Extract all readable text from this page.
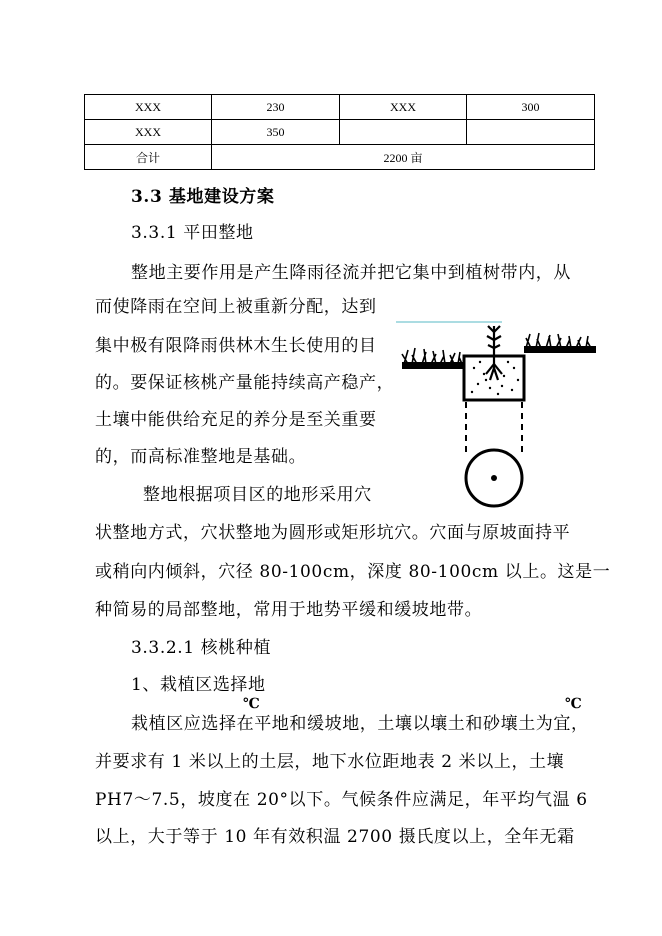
XXX	230	XXX	300
XXX	350		
合计	2200 亩		
3.3 基地建设方案
3.3.1 平田整地
整地主要作用是产生降雨径流并把它集中到植树带内，从
而使降雨在空间上被重新分配，达到
集中极有限降雨供林木生长使用的目
的。要保证核桃产量能持续高产稳产，
土壤中能供给充足的养分是至关重要
的，而高标准整地是基础。
整地根据项目区的地形采用穴
状整地方式，穴状整地为圆形或矩形坑穴。穴面与原坡面持平
或稍向内倾斜，穴径 80-100cm，深度 80-100cm 以上。这是一
种简易的局部整地，常用于地势平缓和缓坡地带。
3.3.2.1 核桃种植
1、栽植区选择地
℃	℃
栽植区应选择在平地和缓坡地，土壤以壤土和砂壤土为宜，
并要求有 1 米以上的土层，地下水位距地表 2 米以上，土壤
PH7～7.5，坡度在 20°以下。气候条件应满足，年平均气温 6
以上，大于等于 10 年有效积温 2700 摄氏度以上，全年无霜
